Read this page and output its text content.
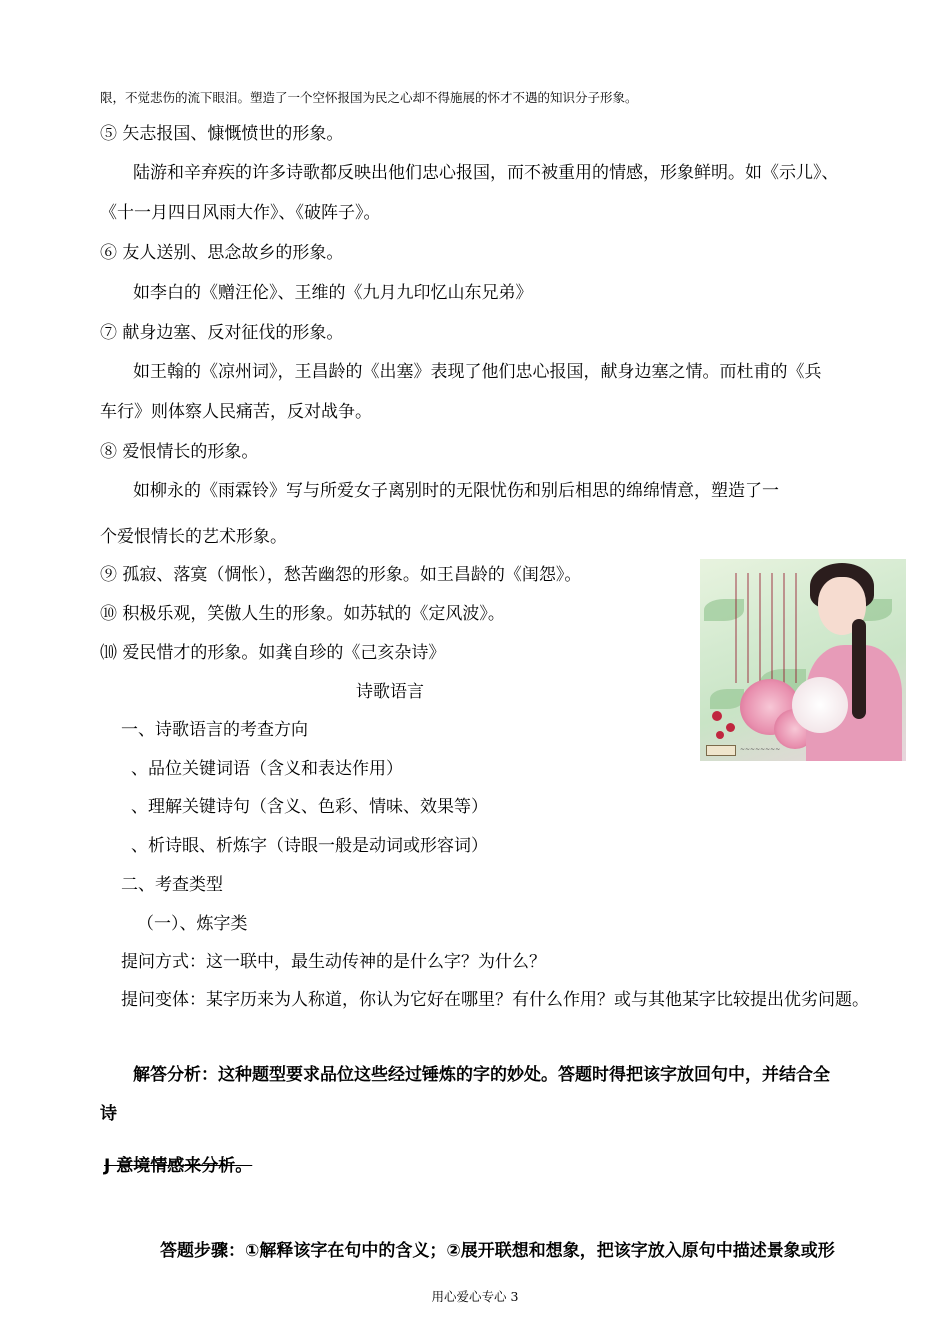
限，不觉悲伤的流下眼泪。塑造了一个空怀报国为民之心却不得施展的怀才不遇的知识分子形象。
⑤ 矢志报国、慷慨愤世的形象。
陆游和辛弃疾的许多诗歌都反映出他们忠心报国，而不被重用的情感，形象鲜明。如《示儿》、
《十一月四日风雨大作》、《破阵子》。
⑥ 友人送别、思念故乡的形象。
如李白的《赠汪伦》、王维的《九月九印忆山东兄弟》
⑦ 献身边塞、反对征伐的形象。
如王翰的《凉州词》，王昌龄的《出塞》表现了他们忠心报国，献身边塞之情。而杜甫的《兵
车行》则体察人民痛苦，反对战争。
⑧ 爱恨情长的形象。
如柳永的《雨霖铃》写与所爱女子离别时的无限忧伤和别后相思的绵绵情意，塑造了一
个爱恨情长的艺术形象。
⑨ 孤寂、落寞（惆怅），愁苦幽怨的形象。如王昌龄的《闺怨》。
⑩ 积极乐观，笑傲人生的形象。如苏轼的《定风波》。
⑽ 爱民惜才的形象。如龚自珍的《己亥杂诗》
~~~~~~~~
诗歌语言
一、诗歌语言的考查方向
、品位关键词语（含义和表达作用）
、理解关键诗句（含义、色彩、情味、效果等）
、析诗眼、析炼字（诗眼一般是动词或形容词）
二、考查类型
（一）、炼字类
提问方式：这一联中，最生动传神的是什么字？为什么？
提问变体：某字历来为人称道，你认为它好在哪里？有什么作用？或与其他某字比较提出优劣问题。
解答分析：这种题型要求品位这些经过锤炼的字的妙处。答题时得把该字放回句中，并结合全
诗
J 意境情感来分析。
答题步骤：①解释该字在句中的含义；②展开联想和想象，把该字放入原句中描述景象或形
用心爱心专心 3
